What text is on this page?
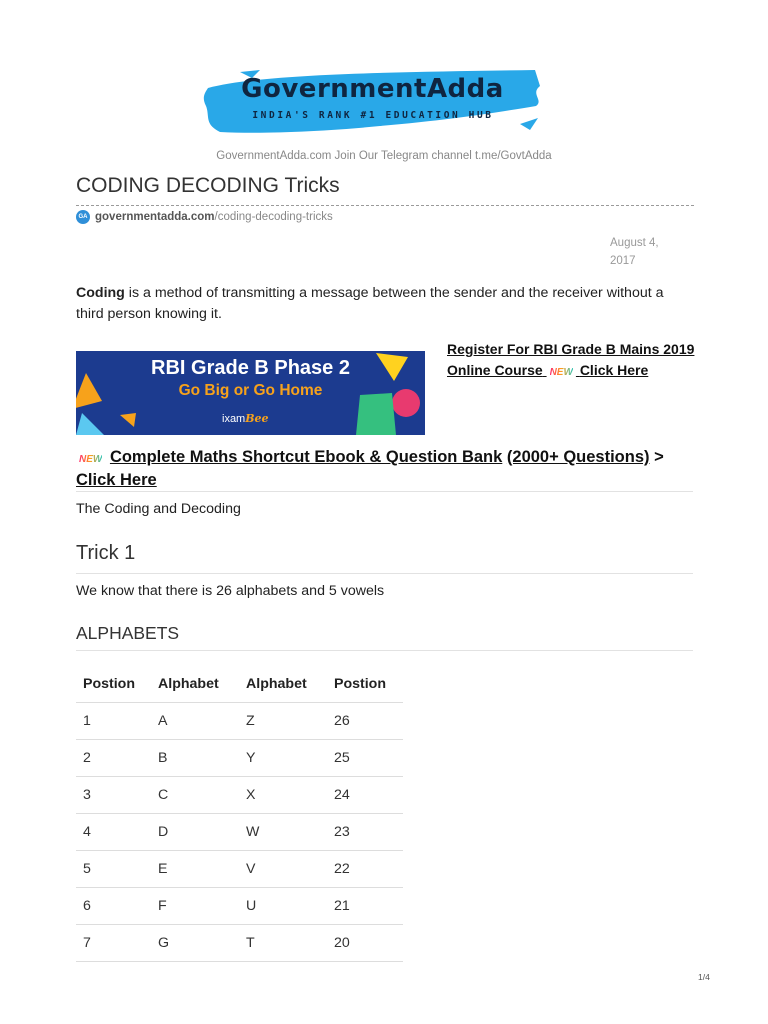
GovernmentAdda
INDIA'S RANK #1 EDUCATION HUB
GovernmentAdda.com Join Our Telegram channel t.me/GovtAdda
CODING DECODING Tricks
GA governmentadda.com /coding-decoding-tricks
August 4, 2017

Coding is a method of transmitting a message between the sender and the receiver without a third person knowing it.

RBI Grade B Phase 2
Go Big or Go Home
ixamBee
Register For RBI Grade B Mains 2019 Online Course NEW Click Here
NEW Complete Maths Shortcut Ebook & Question Bank (2000+ Questions) > Click Here

The Coding and Decoding

Trick 1

We know that there is 26 alphabets and 5 vowels

ALPHABETS
Postion	Alphabet	Alphabet	Postion
1	A	Z	26
2	B	Y	25
3	C	X	24
4	D	W	23
5	E	V	22
6	F	U	21
7	G	T	20
1/4
